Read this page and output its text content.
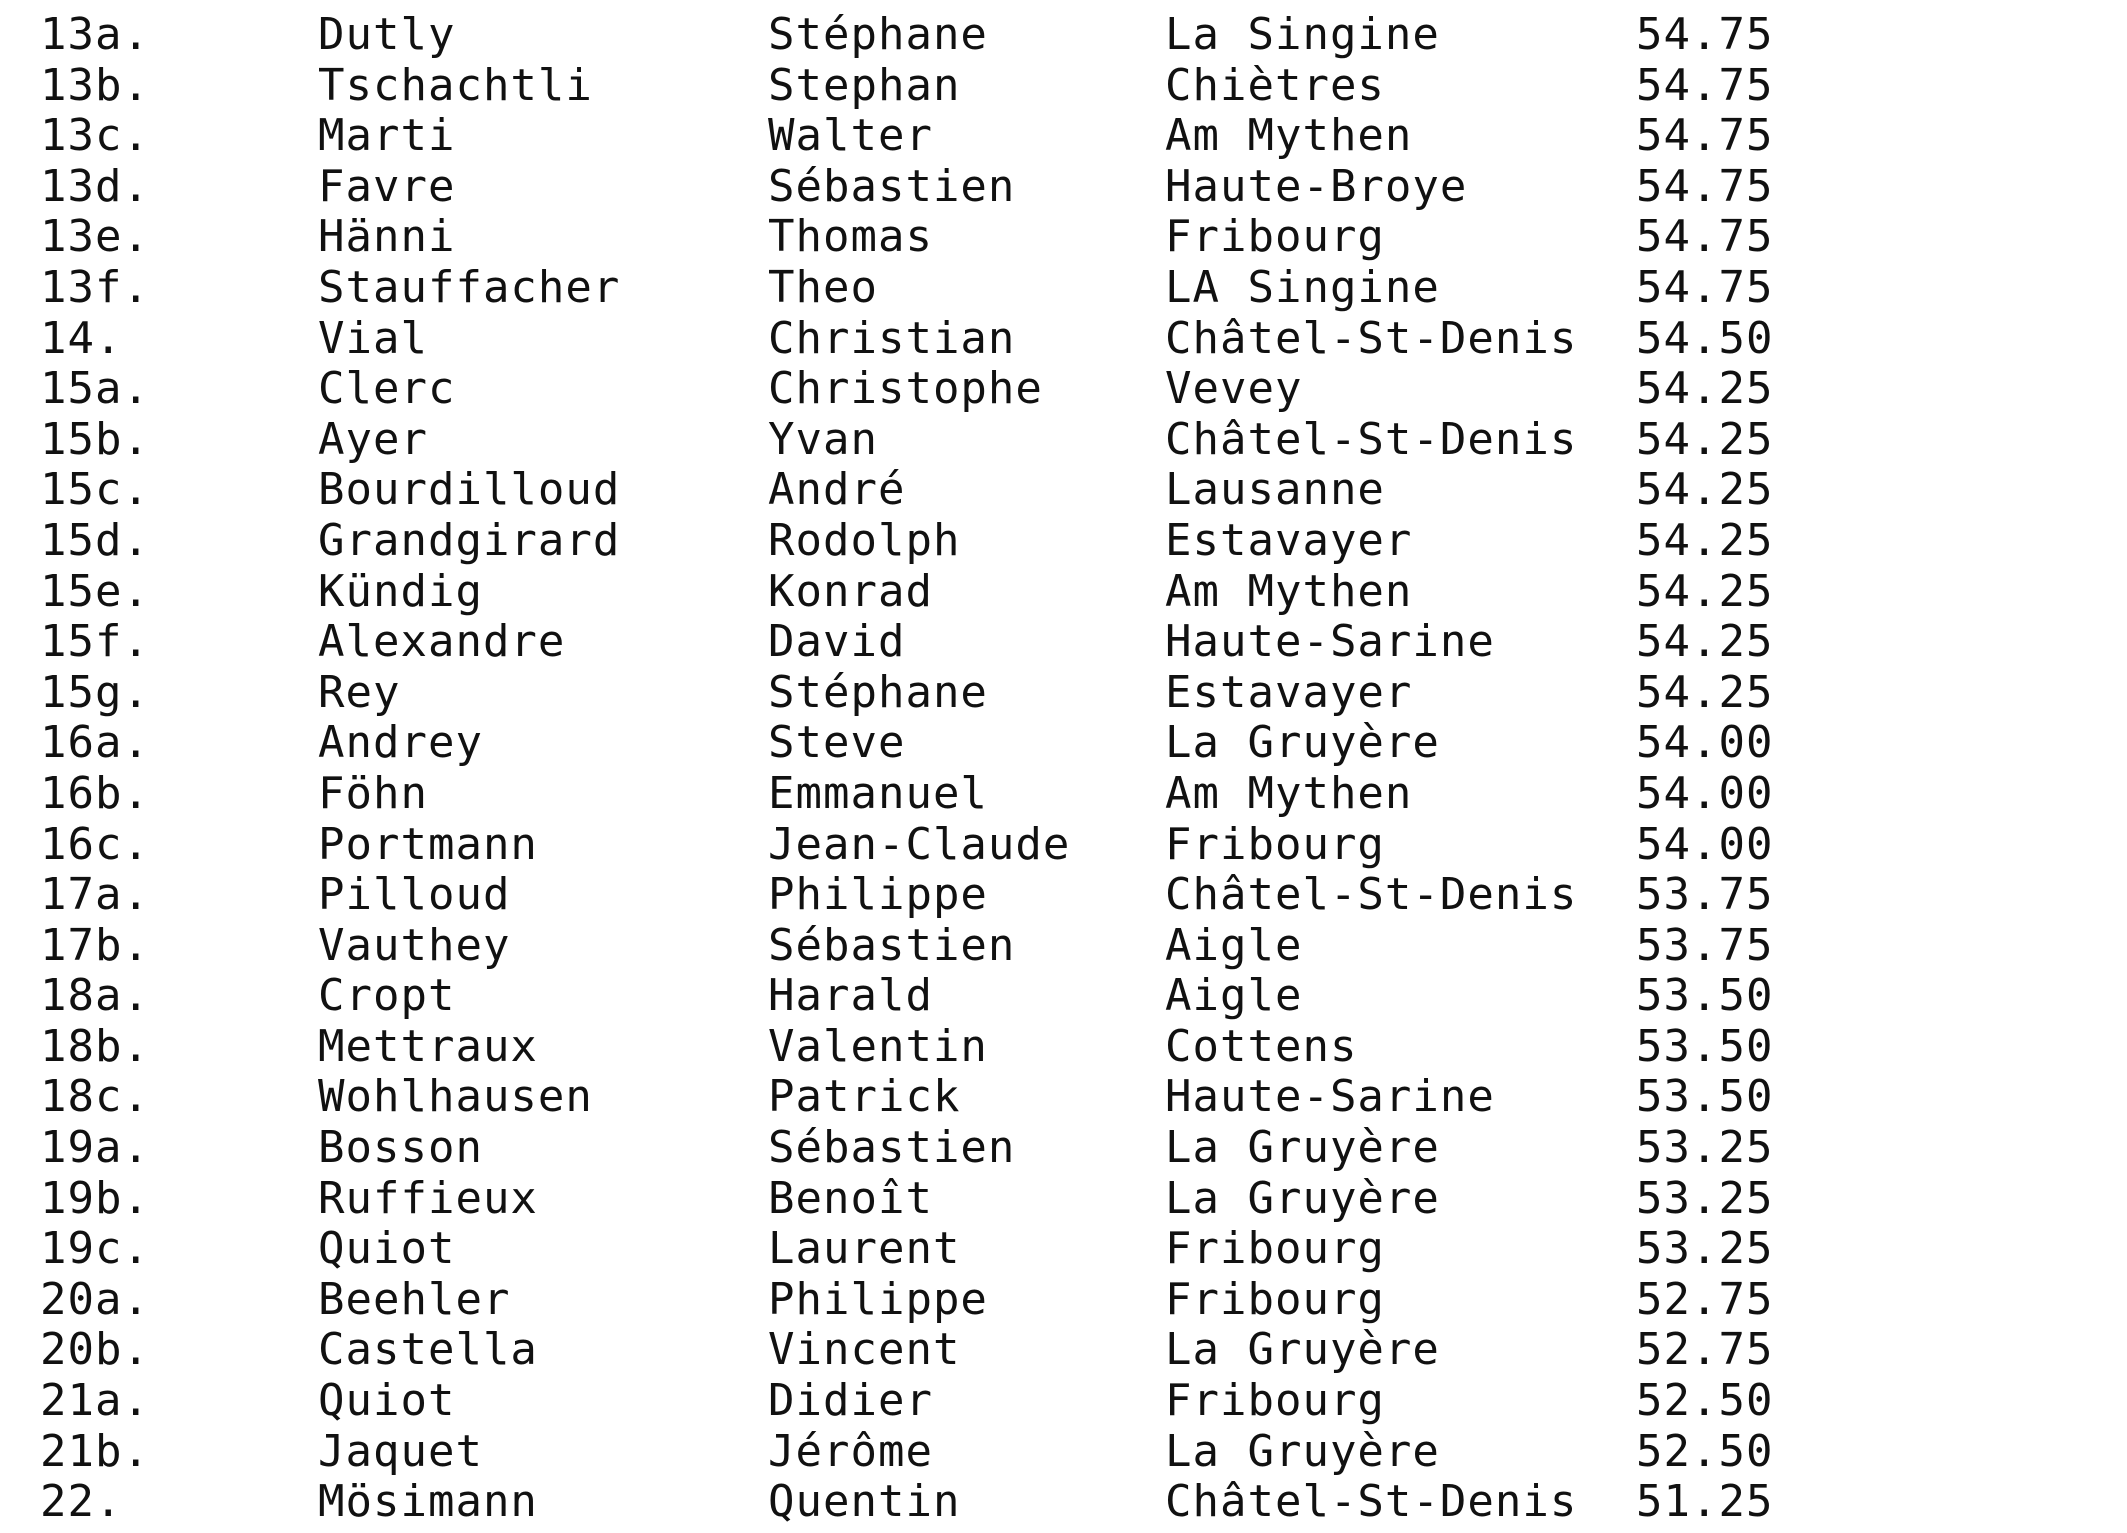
13a.	Dutly	Stéphane	La Singine	54.75
13b.	Tschachtli	Stephan	Chiètres	54.75
13c.	Marti	Walter	Am Mythen	54.75
13d.	Favre	Sébastien	Haute-Broye	54.75
13e.	Hänni	Thomas	Fribourg	54.75
13f.	Stauffacher	Theo	LA Singine	54.75
14.	Vial	Christian	Châtel-St-Denis 54.50
15a.	Clerc	Christophe	Vevey	54.25
15b.	Ayer	Yvan	Châtel-St-Denis 54.25
15c.	Bourdilloud	André	Lausanne	54.25
15d.	Grandgirard	Rodolph	Estavayer	54.25
15e.	Kündig	Konrad	Am Mythen	54.25
15f.	Alexandre	David	Haute-Sarine	54.25
15g.	Rey	Stéphane	Estavayer	54.25
16a.	Andrey	Steve	La Gruyère	54.00
16b.	Föhn	Emmanuel	Am Mythen	54.00
16c.	Portmann	Jean-Claude Fribourg	54.00
17a.	Pilloud	Philippe	Châtel-St-Denis 53.75
17b.	Vauthey	Sébastien	Aigle	53.75
18a.	Cropt	Harald	Aigle	53.50
18b.	Mettraux	Valentin	Cottens	53.50
18c.	Wohlhausen	Patrick	Haute-Sarine	53.50
19a.	Bosson	Sébastien	La Gruyère	53.25
19b.	Ruffieux	Benoît	La Gruyère	53.25
19c.	Quiot	Laurent	Fribourg	53.25
20a.	Beehler	Philippe	Fribourg	52.75
20b.	Castella	Vincent	La Gruyère	52.75
21a.	Quiot	Didier	Fribourg	52.50
21b.	Jaquet	Jérôme	La Gruyère	52.50
22.	Mösimann	Quentin	Châtel-St-Denis 51.25
